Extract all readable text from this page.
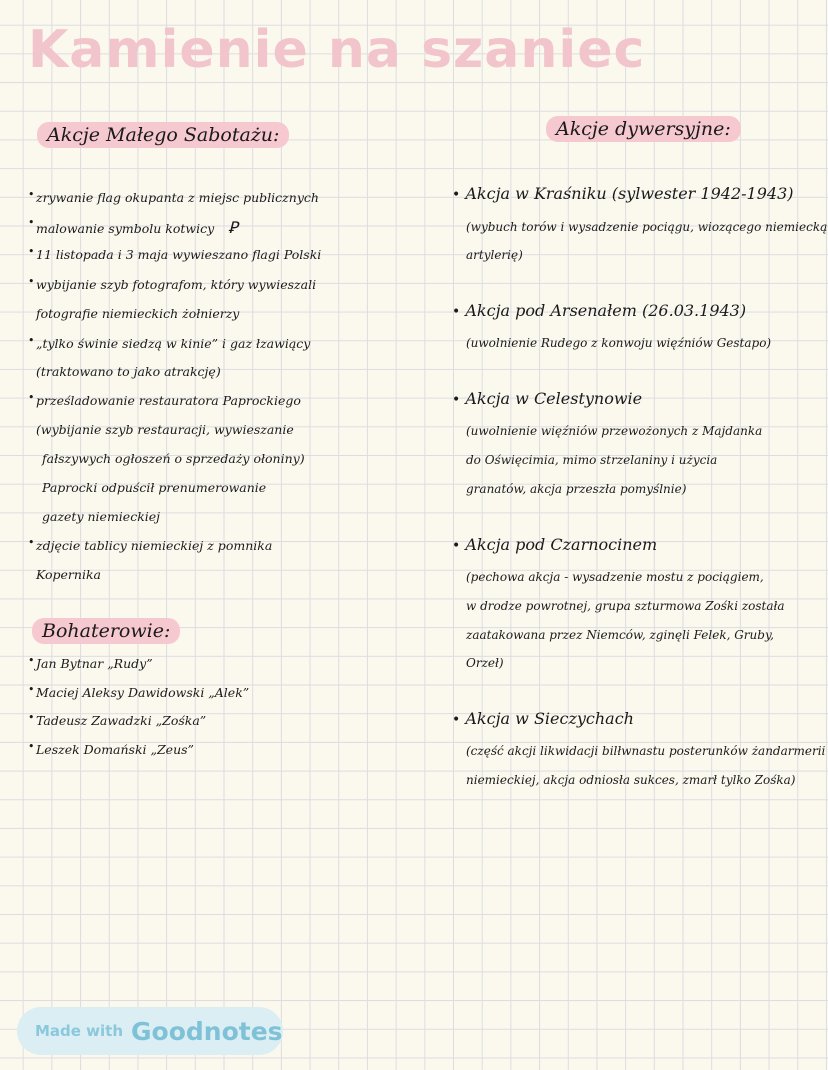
Kamienie na szaniec
Akcje Małego Sabotażu:
• zrywanie flag okupanta z miejsc publicznych
• malowanie symbolu kotwicy Ꝑ
• 11 listopada i 3 maja wywieszano flagi Polski
• wybijanie szyb fotografom, który wywieszali
fotografie niemieckich żołnierzy
• „tylko świnie siedzą w kinie” i gaz łzawiący
(traktowano to jako atrakcję)
• prześladowanie restauratora Paprockiego
(wybijanie szyb restauracji, wywieszanie
fałszywych ogłoszeń o sprzedaży ołoniny)
Paprocki odpuścił prenumerowanie
gazety niemieckiej
• zdjęcie tablicy niemieckiej z pomnika
Kopernika
Bohaterowie:
• Jan Bytnar „Rudy”
• Maciej Aleksy Dawidowski „Alek”
• Tadeusz Zawadzki „Zośka”
• Leszek Domański „Zeus”
Akcje dywersyjne:
• Akcja w Kraśniku (sylwester 1942-1943)
(wybuch torów i wysadzenie pociągu, wiozącego niemiecką
artylerię)
• Akcja pod Arsenałem (26.03.1943)
(uwolnienie Rudego z konwoju więźniów Gestapo)
• Akcja w Celestynowie
(uwolnienie więźniów przewożonych z Majdanka
do Oświęcimia, mimo strzelaniny i użycia
granatów, akcja przeszła pomyślnie)
• Akcja pod Czarnocinem
(pechowa akcja - wysadzenie mostu z pociągiem,
w drodze powrotnej, grupa szturmowa Zośki została
zaatakowana przez Niemców, zginęli Felek, Gruby,
Orzeł)
• Akcja w Sieczychach
(część akcji likwidacji bilłwnastu posterunków żandarmerii
niemieckiej, akcja odniosła sukces, zmarł tylko Zośka)
Made with Goodnotes
